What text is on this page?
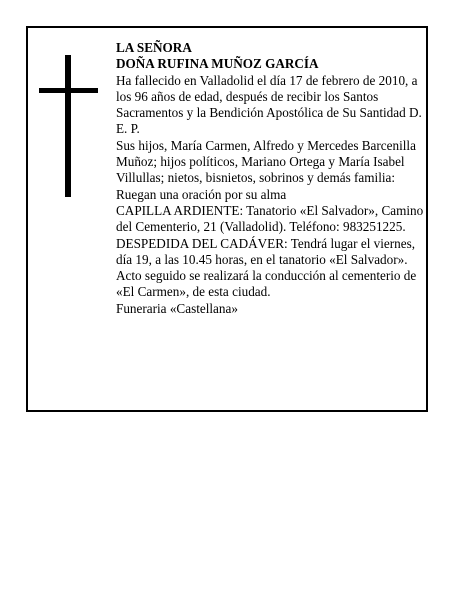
LA SEÑORA

DOÑA RUFINA MUÑOZ GARCÍA

Ha fallecido en Valladolid el día 17 de febrero de 2010, a los 96 años de edad, después de recibir los Santos Sacramentos y la Bendición Apostólica de Su Santidad D. E. P.

Sus hijos, María Carmen, Alfredo y Mercedes Barcenilla Muñoz; hijos políticos, Mariano Ortega y María Isabel Villullas; nietos, bisnietos, sobrinos y demás familia:

Ruegan una oración por su alma

CAPILLA ARDIENTE: Tanatorio «El Salvador», Camino del Cementerio, 21 (Valladolid). Teléfono: 983251225.

DESPEDIDA DEL CADÁVER: Tendrá lugar el viernes, día 19, a las 10.45 horas, en el tanatorio «El Salvador». Acto seguido se realizará la conducción al cementerio de «El Carmen», de esta ciudad.

Funeraria «Castellana»
